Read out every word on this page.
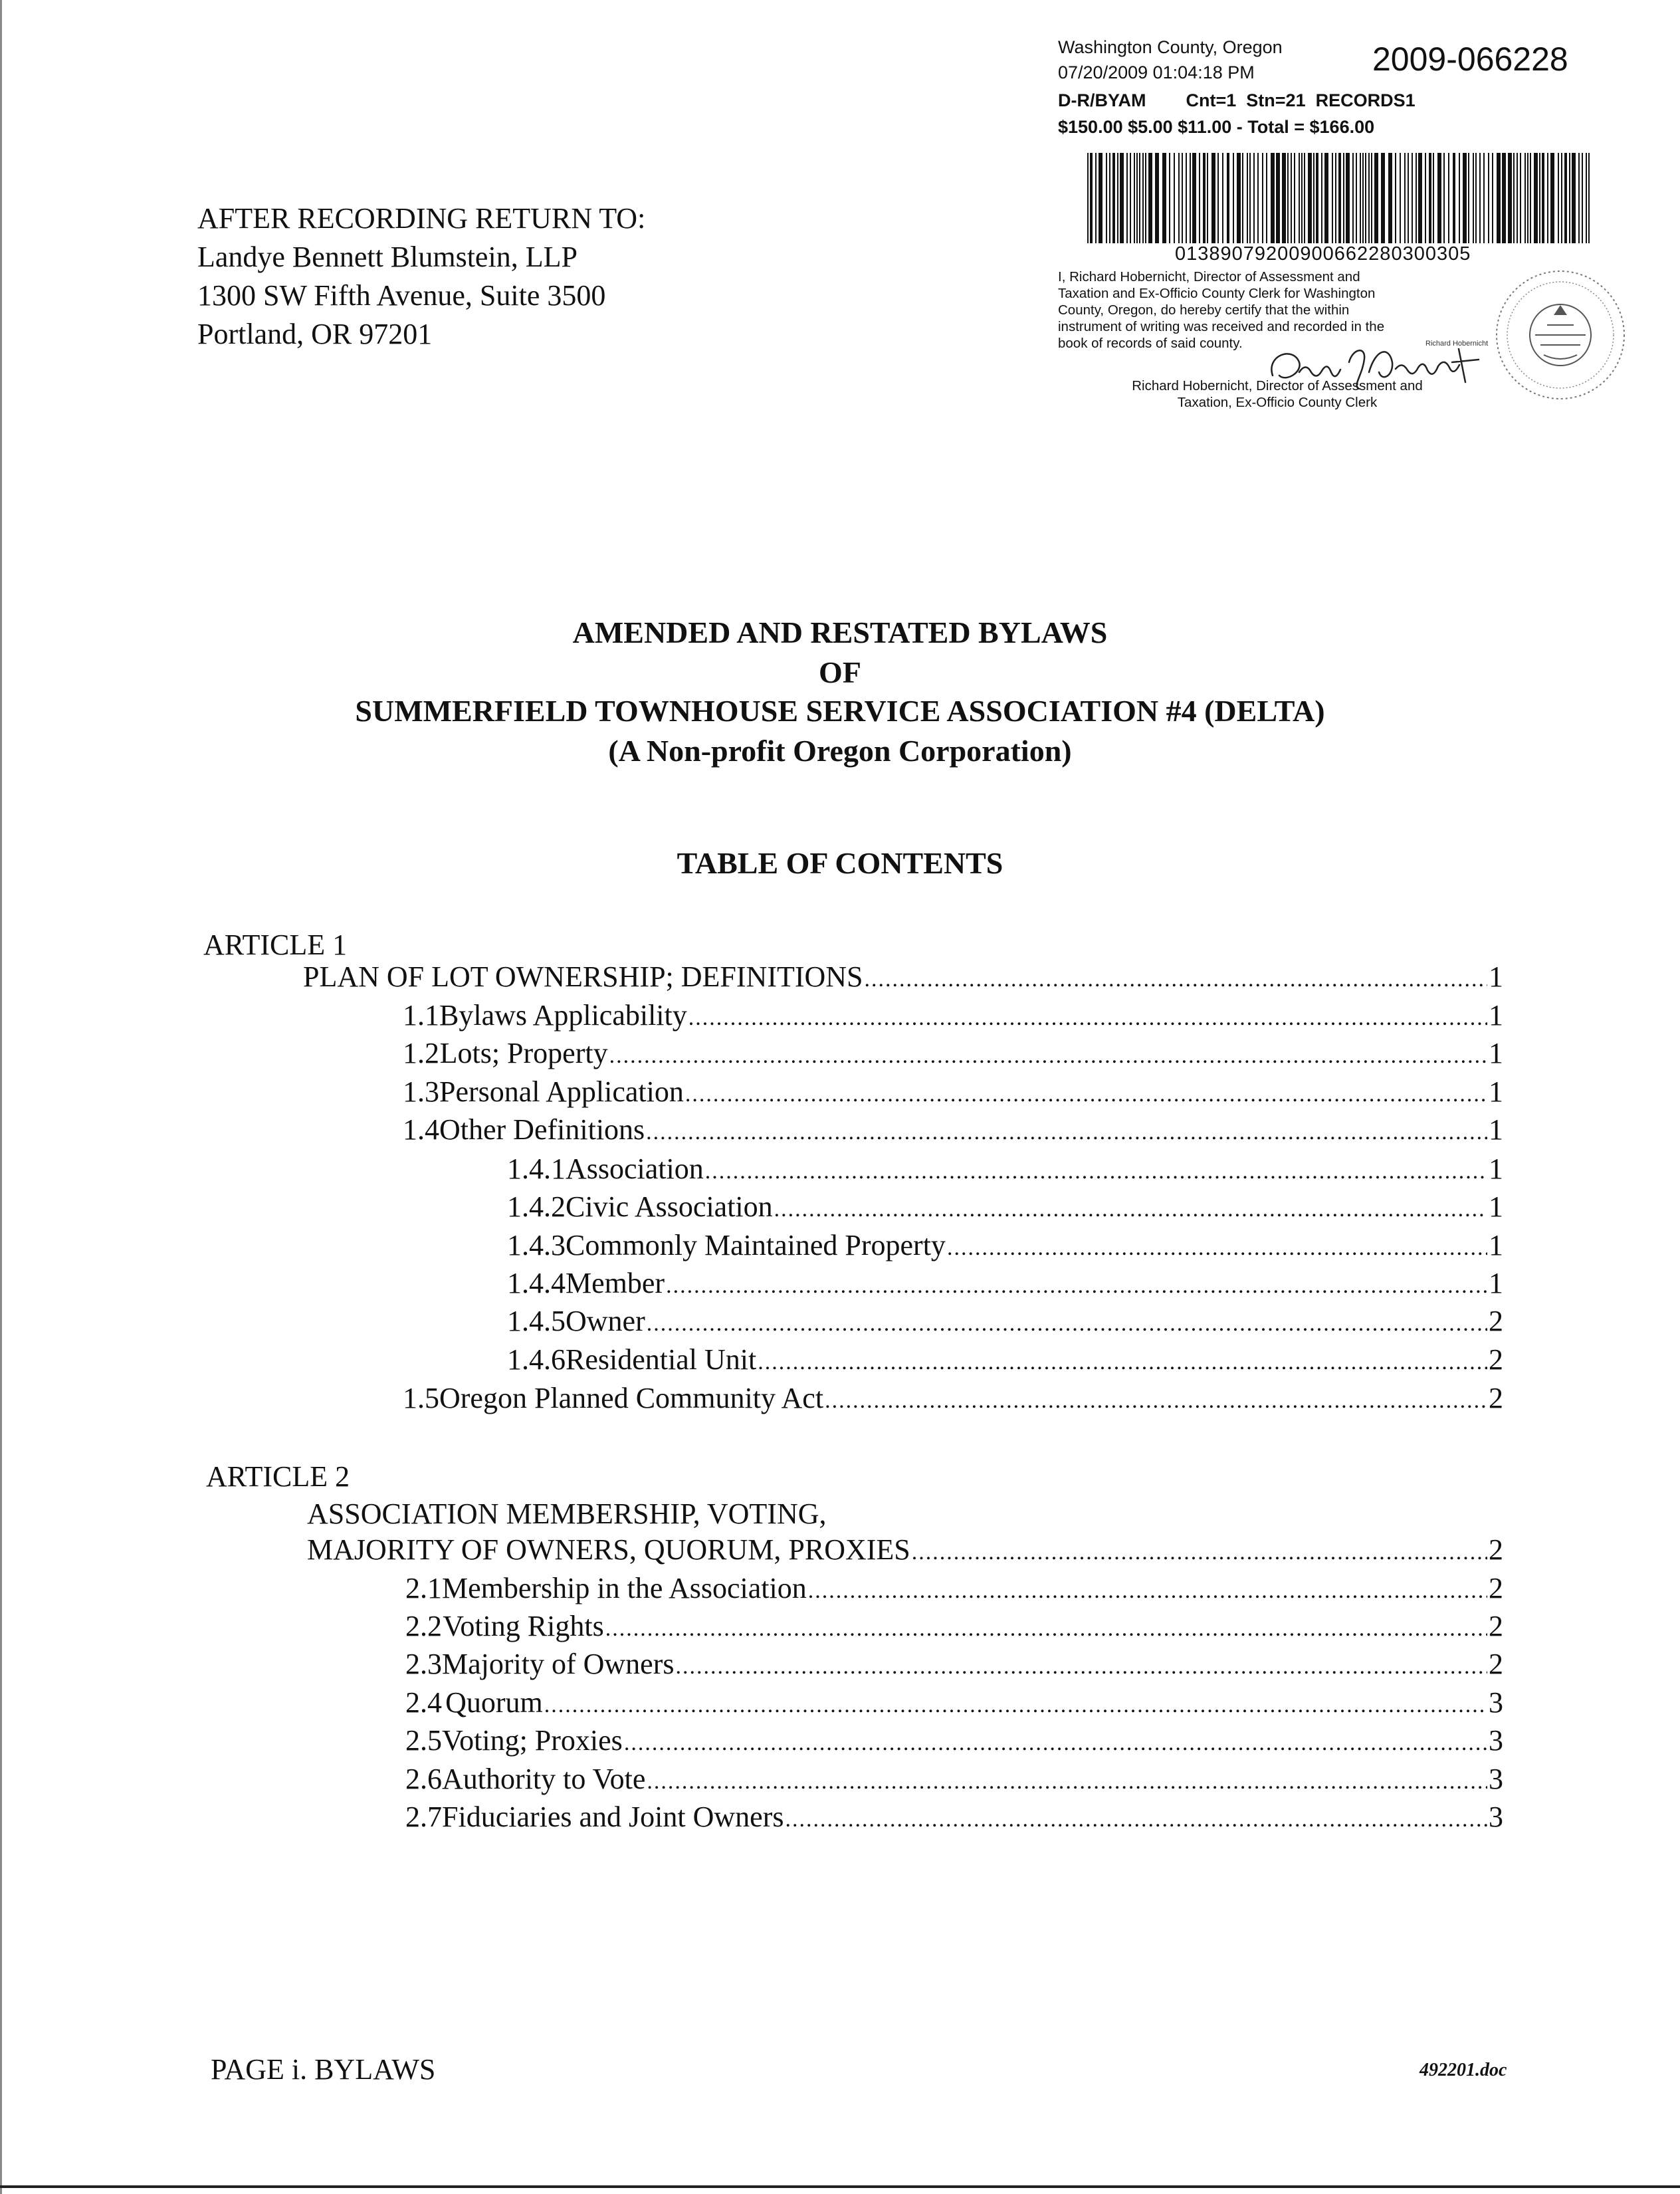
Washington County, Oregon
07/20/2009 01:04:18 PM	2009-066228
D-R/BYAM        Cnt=1  Stn=21  RECORDS1
$150.00 $5.00 $11.00 - Total = $166.00
01389079200900662280300305
I, Richard Hobernicht, Director of Assessment and
Taxation and Ex-Officio County Clerk for Washington
County, Oregon, do hereby certify that the within
instrument of writing was received and recorded in the
book of records of said county.	Richard Hobernicht
Richard Hobernicht, Director of Assessment and
Taxation, Ex-Officio County Clerk
AFTER RECORDING RETURN TO:
Landye Bennett Blumstein, LLP
1300 SW Fifth Avenue, Suite 3500
Portland, OR 97201
AMENDED AND RESTATED BYLAWS
OF
SUMMERFIELD TOWNHOUSE SERVICE ASSOCIATION #4 (DELTA)
(A Non-profit Oregon Corporation)
TABLE OF CONTENTS
ARTICLE 1
PLAN OF LOT OWNERSHIP; DEFINITIONS .....	1
1.1 Bylaws Applicability .....	1
1.2 Lots; Property .....	1
1.3 Personal Application .....	1
1.4 Other Definitions .....	1
1.4.1 Association .....	1
1.4.2 Civic Association .....	1
1.4.3 Commonly Maintained Property .....	1
1.4.4 Member .....	1
1.4.5 Owner .....	2
1.4.6 Residential Unit .....	2
1.5 Oregon Planned Community Act .....	2
ARTICLE 2
ASSOCIATION MEMBERSHIP, VOTING,
MAJORITY OF OWNERS, QUORUM, PROXIES .....	2
2.1 Membership in the Association .....	2
2.2 Voting Rights .....	2
2.3 Majority of Owners .....	2
2.4 Quorum .....	3
2.5 Voting; Proxies .....	3
2.6 Authority to Vote .....	3
2.7 Fiduciaries and Joint Owners .....	3
PAGE i. BYLAWS	492201.doc
